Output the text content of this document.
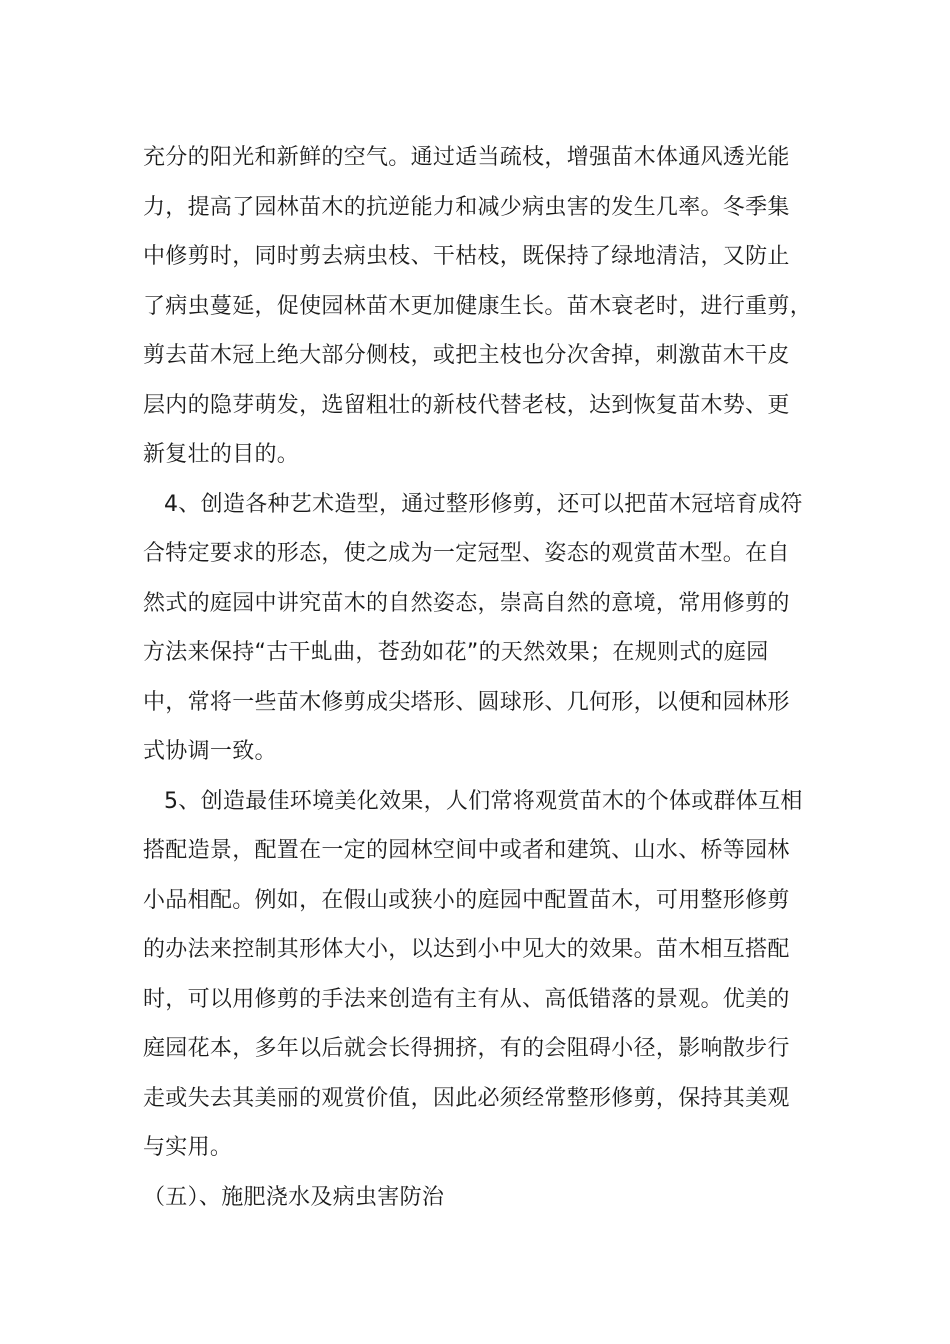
充分的阳光和新鲜的空气。通过适当疏枝，增强苗木体通风透光能
力，提高了园林苗木的抗逆能力和减少病虫害的发生几率。冬季集
中修剪时，同时剪去病虫枝、干枯枝，既保持了绿地清洁，又防止
了病虫蔓延，促使园林苗木更加健康生长。苗木衰老时，进行重剪，
剪去苗木冠上绝大部分侧枝，或把主枝也分次舍掉，刺激苗木干皮
层内的隐芽萌发，选留粗壮的新枝代替老枝，达到恢复苗木势、更
新复壮的目的。
4、创造各种艺术造型，通过整形修剪，还可以把苗木冠培育成符
合特定要求的形态，使之成为一定冠型、姿态的观赏苗木型。在自
然式的庭园中讲究苗木的自然姿态，崇高自然的意境，常用修剪的
方法来保持“古干虬曲，苍劲如花”的天然效果；在规则式的庭园
中，常将一些苗木修剪成尖塔形、圆球形、几何形，以便和园林形
式协调一致。
5、创造最佳环境美化效果，人们常将观赏苗木的个体或群体互相
搭配造景，配置在一定的园林空间中或者和建筑、山水、桥等园林
小品相配。例如，在假山或狭小的庭园中配置苗木，可用整形修剪
的办法来控制其形体大小，以达到小中见大的效果。苗木相互搭配
时，可以用修剪的手法来创造有主有从、高低错落的景观。优美的
庭园花本，多年以后就会长得拥挤，有的会阻碍小径，影响散步行
走或失去其美丽的观赏价值，因此必须经常整形修剪，保持其美观
与实用。
（五）、施肥浇水及病虫害防治
